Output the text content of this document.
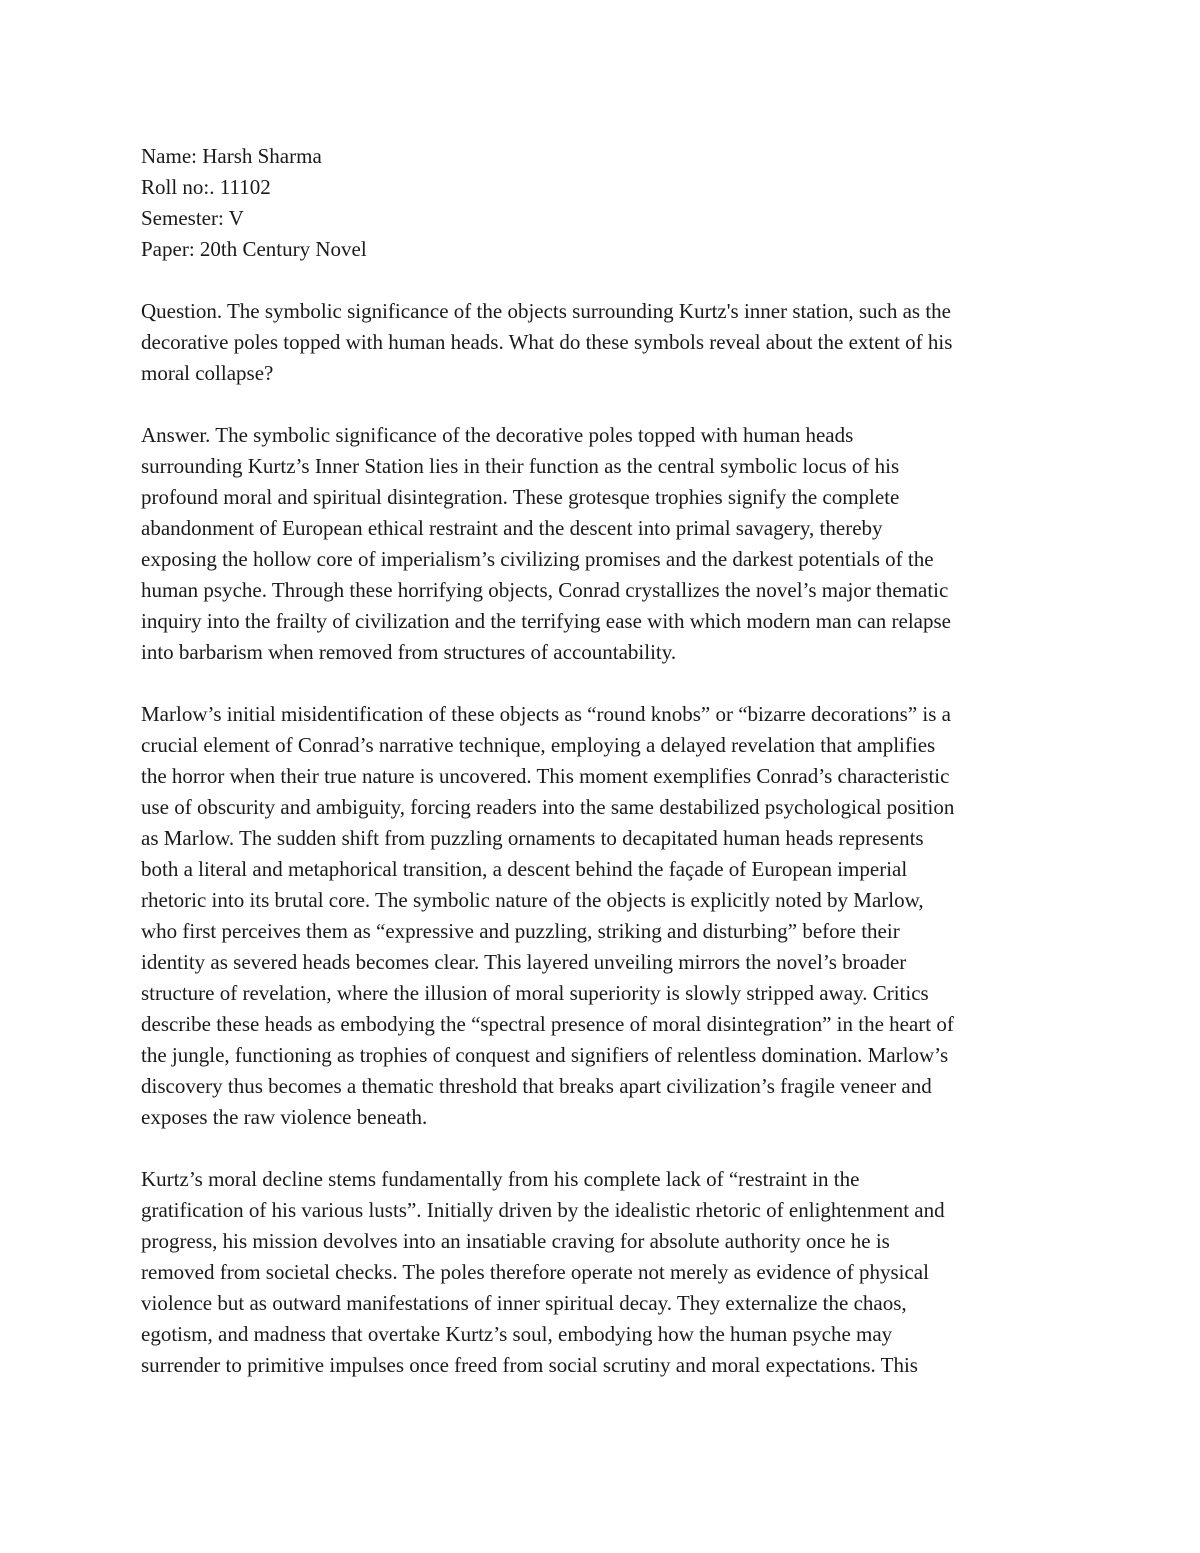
Name: Harsh Sharma
Roll no:. 11102
Semester: V
Paper: 20th Century Novel
Question. The symbolic significance of the objects surrounding Kurtz's inner station, such as the
decorative poles topped with human heads. What do these symbols reveal about the extent of his
moral collapse?
Answer. The symbolic significance of the decorative poles topped with human heads
surrounding Kurtz’s Inner Station lies in their function as the central symbolic locus of his
profound moral and spiritual disintegration. These grotesque trophies signify the complete
abandonment of European ethical restraint and the descent into primal savagery, thereby
exposing the hollow core of imperialism’s civilizing promises and the darkest potentials of the
human psyche. Through these horrifying objects, Conrad crystallizes the novel’s major thematic
inquiry into the frailty of civilization and the terrifying ease with which modern man can relapse
into barbarism when removed from structures of accountability.
Marlow’s initial misidentification of these objects as “round knobs” or “bizarre decorations” is a
crucial element of Conrad’s narrative technique, employing a delayed revelation that amplifies
the horror when their true nature is uncovered. This moment exemplifies Conrad’s characteristic
use of obscurity and ambiguity, forcing readers into the same destabilized psychological position
as Marlow. The sudden shift from puzzling ornaments to decapitated human heads represents
both a literal and metaphorical transition, a descent behind the façade of European imperial
rhetoric into its brutal core. The symbolic nature of the objects is explicitly noted by Marlow,
who first perceives them as “expressive and puzzling, striking and disturbing” before their
identity as severed heads becomes clear. This layered unveiling mirrors the novel’s broader
structure of revelation, where the illusion of moral superiority is slowly stripped away. Critics
describe these heads as embodying the “spectral presence of moral disintegration” in the heart of
the jungle, functioning as trophies of conquest and signifiers of relentless domination. Marlow’s
discovery thus becomes a thematic threshold that breaks apart civilization’s fragile veneer and
exposes the raw violence beneath.
Kurtz’s moral decline stems fundamentally from his complete lack of “restraint in the
gratification of his various lusts”. Initially driven by the idealistic rhetoric of enlightenment and
progress, his mission devolves into an insatiable craving for absolute authority once he is
removed from societal checks. The poles therefore operate not merely as evidence of physical
violence but as outward manifestations of inner spiritual decay. They externalize the chaos,
egotism, and madness that overtake Kurtz’s soul, embodying how the human psyche may
surrender to primitive impulses once freed from social scrutiny and moral expectations. This
